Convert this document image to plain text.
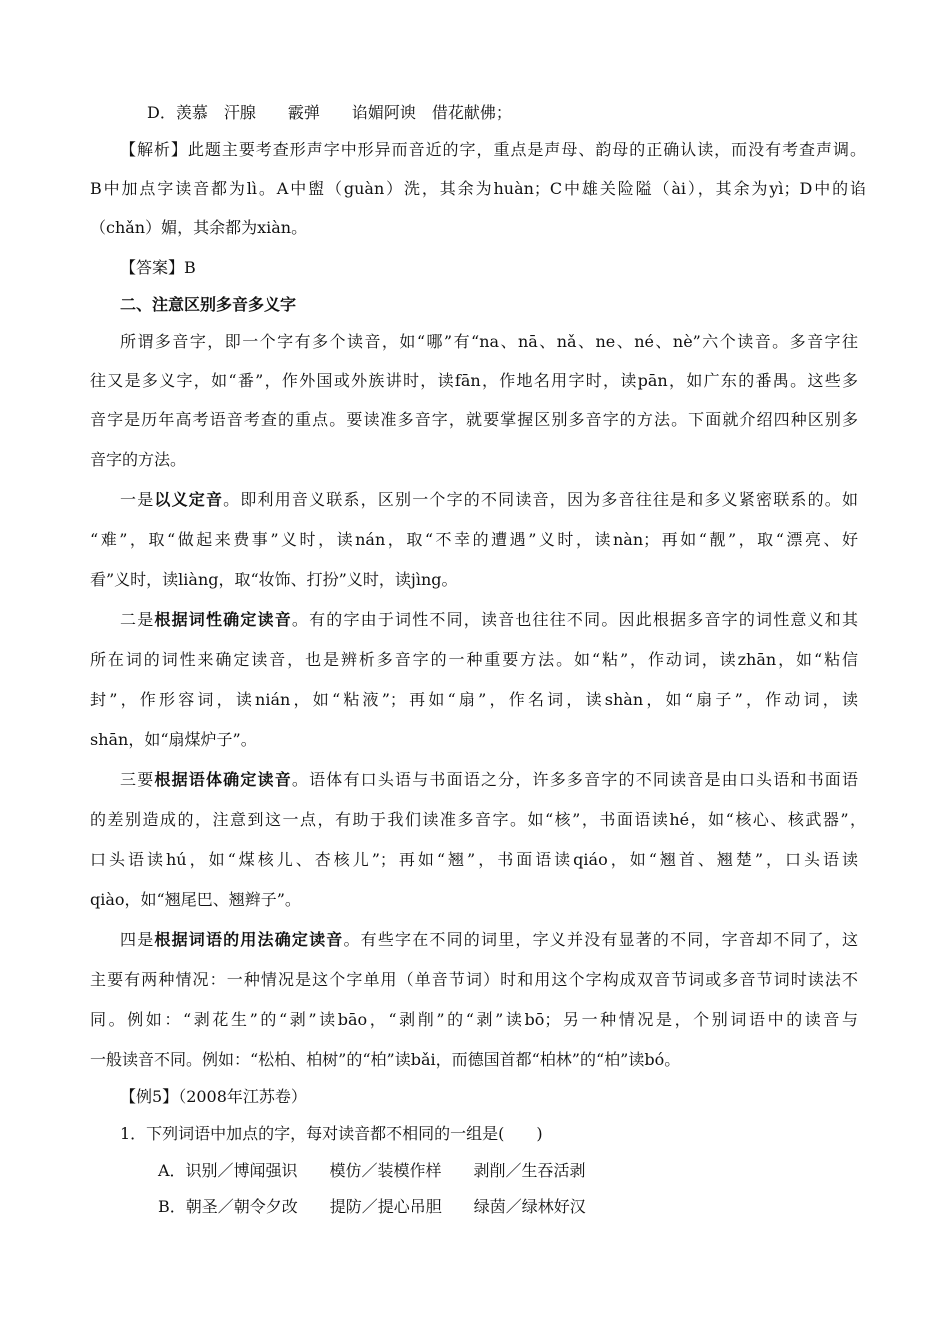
D．羡慕　汗腺　　霰弹　　谄媚阿谀　借花献佛；
【解析】此题主要考查形声字中形异而音近的字，重点是声母、韵母的正确认读，而没有考查声调。
B中加点字读音都为lì。A中盥（guàn）洗，其余为huàn；C中雄关险隘（ài），其余为yì；D中的谄
（chǎn）媚，其余都为xiàn。
【答案】B
二、注意区别多音多义字
所谓多音字，即一个字有多个读音，如“哪”有“na、nā、nǎ、ne、né、nè”六个读音。多音字往
往又是多义字，如“番”，作外国或外族讲时，读fān，作地名用字时，读pān，如广东的番禺。这些多
音字是历年高考语音考查的重点。要读准多音字，就要掌握区别多音字的方法。下面就介绍四种区别多
音字的方法。
一是以义定音。即利用音义联系，区别一个字的不同读音，因为多音往往是和多义紧密联系的。如
“难”，取“做起来费事”义时，读nán，取“不幸的遭遇”义时，读nàn；再如“靓”，取“漂亮、好
看”义时，读liàng，取“妆饰、打扮”义时，读jìng。
二是根据词性确定读音。有的字由于词性不同，读音也往往不同。因此根据多音字的词性意义和其
所在词的词性来确定读音，也是辨析多音字的一种重要方法。如“粘”，作动词，读zhān，如“粘信
封”，作形容词，读nián，如“粘液”；再如“扇”，作名词，读shàn，如“扇子”，作动词，读
shān，如“扇煤炉子”。
三要根据语体确定读音。语体有口头语与书面语之分，许多多音字的不同读音是由口头语和书面语
的差别造成的，注意到这一点，有助于我们读准多音字。如“核”，书面语读hé，如“核心、核武器”，
口头语读hú，如“煤核儿、杏核儿”；再如“翘”，书面语读qiáo，如“翘首、翘楚”，口头语读
qiào，如“翘尾巴、翘辫子”。
四是根据词语的用法确定读音。有些字在不同的词里，字义并没有显著的不同，字音却不同了，这
主要有两种情况：一种情况是这个字单用（单音节词）时和用这个字构成双音节词或多音节词时读法不
同。例如：“剥花生”的“剥”读bāo，“剥削”的“剥”读bō；另一种情况是，个别词语中的读音与
一般读音不同。例如：“松柏、柏树”的“柏”读bǎi，而德国首都“柏林”的“柏”读bó。
【例5】（2008年江苏卷）
1．下列词语中加点的字，每对读音都不相同的一组是(　　)
A．识别／博闻强识　　模仿／装模作样　　剥削／生吞活剥
B．朝圣／朝令夕改　　提防／提心吊胆　　绿茵／绿林好汉
